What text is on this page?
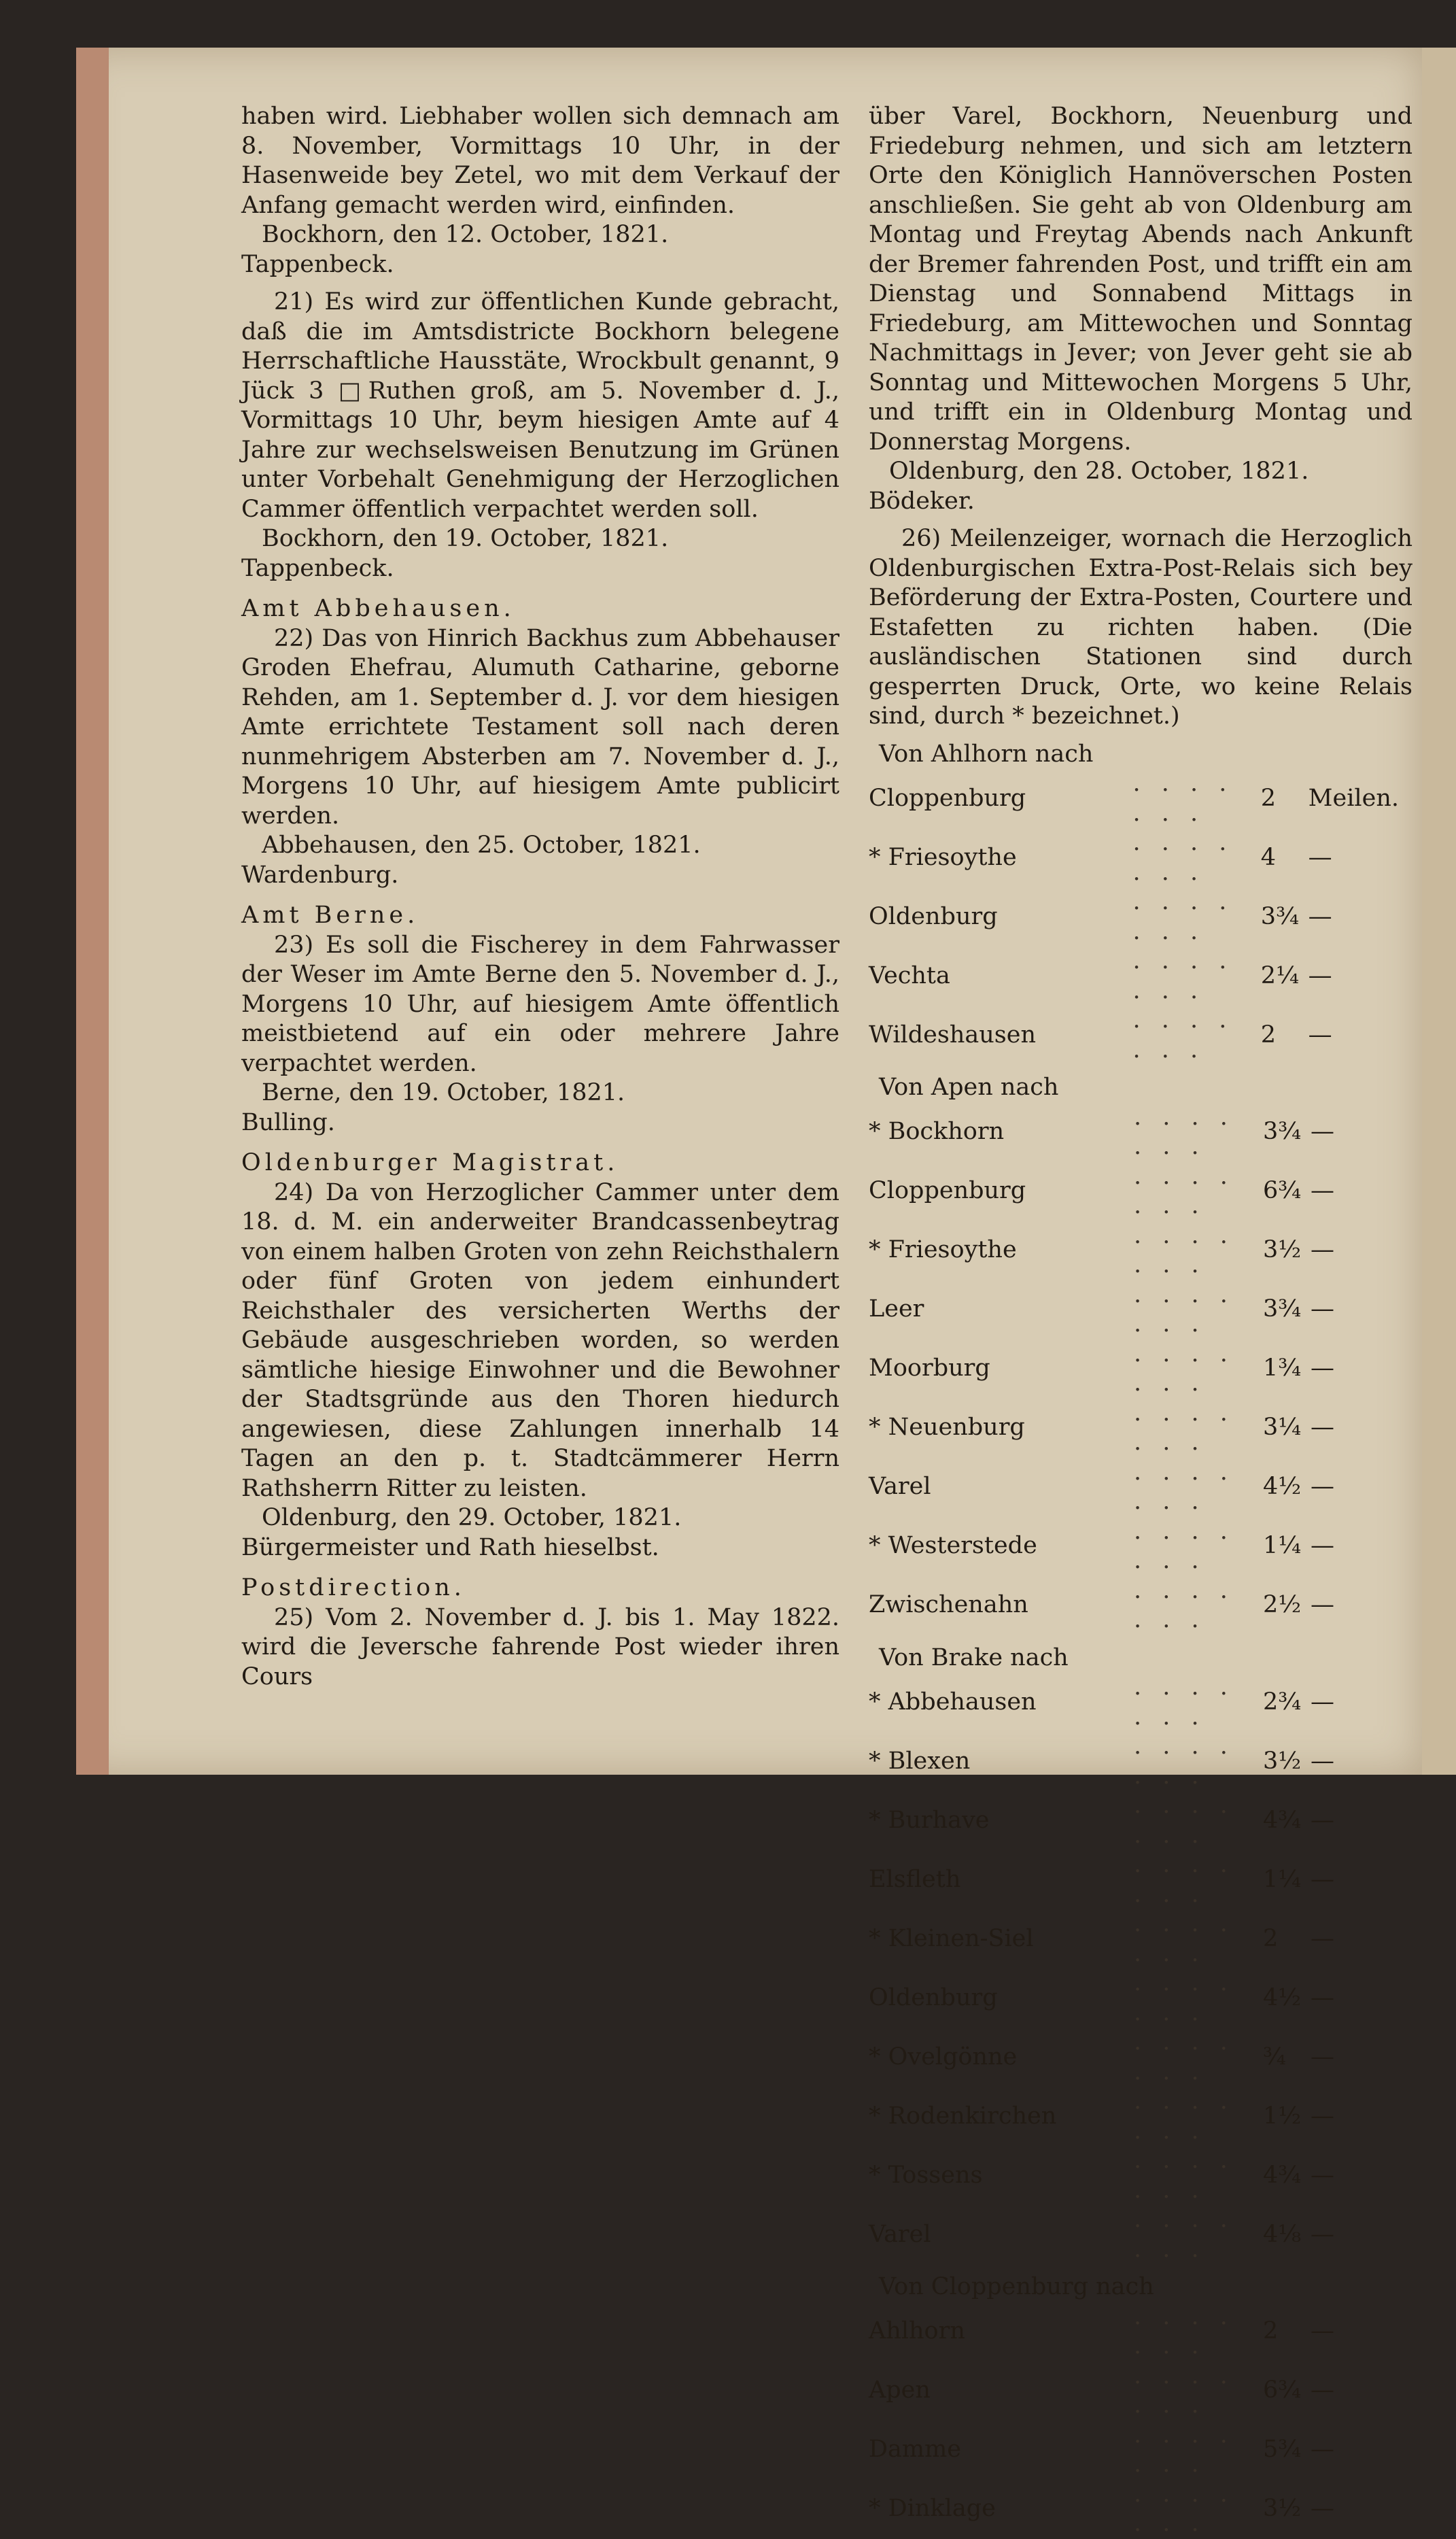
haben wird. Liebhaber wollen sich demnach am 8. November, Vormittags 10 Uhr, in der Hasenweide bey Zetel, wo mit dem Verkauf der Anfang gemacht werden wird, einfinden.

Bockhorn, den 12. October, 1821.

Tappenbeck.

21) Es wird zur öffentlichen Kunde gebracht, daß die im Amtsdistricte Bockhorn belegene Herrschaftliche Hausstäte, Wrockbult genannt, 9 Jück 3 □Ruthen groß, am 5. November d. J., Vormittags 10 Uhr, beym hiesigen Amte auf 4 Jahre zur wechselsweisen Benutzung im Grünen unter Vorbehalt Genehmigung der Herzoglichen Cammer öffentlich verpachtet werden soll.

Bockhorn, den 19. October, 1821.

Tappenbeck.

Amt Abbehausen.

22) Das von Hinrich Backhus zum Abbehauser Groden Ehefrau, Alumuth Catharine, geborne Rehden, am 1. September d. J. vor dem hiesigen Amte errichtete Testament soll nach deren nunmehrigem Absterben am 7. November d. J., Morgens 10 Uhr, auf hiesigem Amte publicirt werden.

Abbehausen, den 25. October, 1821.

Wardenburg.

Amt Berne.

23) Es soll die Fischerey in dem Fahrwasser der Weser im Amte Berne den 5. November d. J., Morgens 10 Uhr, auf hiesigem Amte öffentlich meistbietend auf ein oder mehrere Jahre verpachtet werden.

Berne, den 19. October, 1821.

Bulling.

Oldenburger Magistrat.

24) Da von Herzoglicher Cammer unter dem 18. d. M. ein anderweiter Brandcassenbeytrag von einem halben Groten von zehn Reichsthalern oder fünf Groten von jedem einhundert Reichsthaler des versicherten Werths der Gebäude ausgeschrieben worden, so werden sämtliche hiesige Einwohner und die Bewohner der Stadtsgründe aus den Thoren hiedurch angewiesen, diese Zahlungen innerhalb 14 Tagen an den p. t. Stadtcämmerer Herrn Rathsherrn Ritter zu leisten.

Oldenburg, den 29. October, 1821.

Bürgermeister und Rath hieselbst.

Postdirection.

25) Vom 2. November d. J. bis 1. May 1822. wird die Jeversche fahrende Post wieder ihren Cours

über Varel, Bockhorn, Neuenburg und Friedeburg nehmen, und sich am letztern Orte den Königlich Hannöverschen Posten anschließen. Sie geht ab von Oldenburg am Montag und Freytag Abends nach Ankunft der Bremer fahrenden Post, und trifft ein am Dienstag und Sonnabend Mittags in Friedeburg, am Mittewochen und Sonntag Nachmittags in Jever; von Jever geht sie ab Sonntag und Mittewochen Morgens 5 Uhr, und trifft ein in Oldenburg Montag und Donnerstag Morgens.

Oldenburg, den 28. October, 1821.

Bödeker.

26) Meilenzeiger, wornach die Herzoglich Oldenburgischen Extra-Post-Relais sich bey Beförderung der Extra-Posten, Courtere und Estafetten zu richten haben. (Die ausländischen Stationen sind durch gesperrten Druck, Orte, wo keine Relais sind, durch * bezeichnet.)

Von Ahlhorn nach

Cloppenburg	. . . . . . .	2	Meilen.
* Friesoythe	. . . . . . .	4	—
Oldenburg	. . . . . . .	3¾	—
Vechta	. . . . . . .	2¼	—
Wildeshausen	. . . . . . .	2	—

Von Apen nach

* Bockhorn	. . . . . . .	3¾	—
Cloppenburg	. . . . . . .	6¾	—
* Friesoythe	. . . . . . .	3½	—
Leer	. . . . . . .	3¾	—
Moorburg	. . . . . . .	1¾	—
* Neuenburg	. . . . . . .	3¼	—
Varel	. . . . . . .	4½	—
* Westerstede	. . . . . . .	1¼	—
Zwischenahn	. . . . . . .	2½	—

Von Brake nach

* Abbehausen	. . . . . . .	2¾	—
* Blexen	. . . . . . .	3½	—
* Burhave	. . . . . . .	4¾	—
Elsfleth	. . . . . . .	1¼	—
* Kleinen-Siel	. . . . . . .	2	—
Oldenburg	. . . . . . .	4½	—
* Ovelgönne	. . . . . . .	¾	—
* Rodenkirchen	. . . . . . .	1½	—
* Tossens	. . . . . . .	4¾	—
Varel	. . . . . . .	4⅛	—

Von Cloppenburg nach

Ahlhorn	. . . . . . .	2	—
Apen	. . . . . . .	6¾	—
Damme	. . . . . . .	5¾	—
* Dinklage	. . . . . . .	3½	—
